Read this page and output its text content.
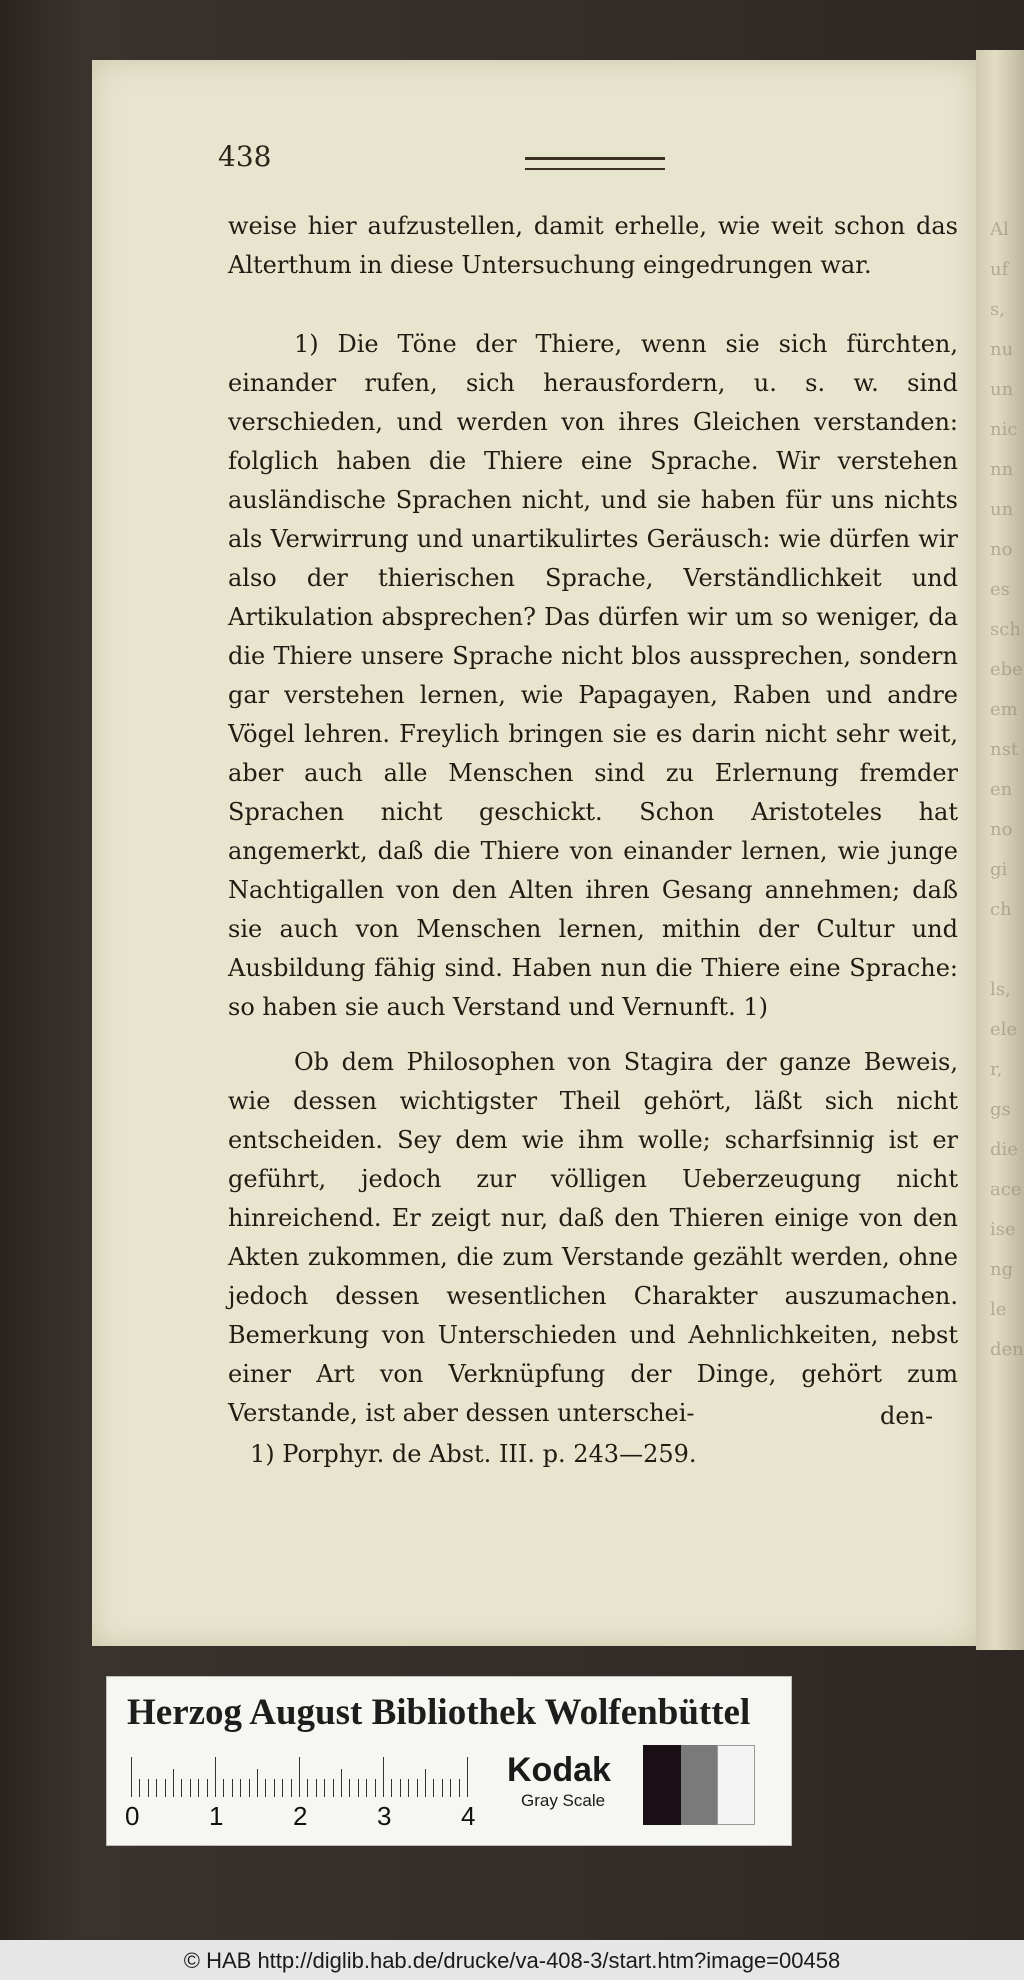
Al
uf
s,
nu
un
nic
nn
un
no
es
sch
ebe
em
nst
en
no
gi
ch

ls,
ele
r,
gs
die
ace
ise
ng
le
den
438

weise hier aufzustellen, damit erhelle, wie weit schon das Alterthum in diese Untersuchung eingedrungen war.

1) Die Töne der Thiere, wenn sie sich fürchten, einander rufen, sich herausfordern, u. s. w. sind verschieden, und werden von ihres Gleichen verstanden: folglich haben die Thiere eine Sprache. Wir verstehen ausländische Sprachen nicht, und sie haben für uns nichts als Verwirrung und unartikulirtes Geräusch: wie dürfen wir also der thierischen Sprache, Verständlichkeit und Artikulation absprechen? Das dürfen wir um so weniger, da die Thiere unsere Sprache nicht blos aussprechen, sondern gar verstehen lernen, wie Papagayen, Raben und andre Vögel lehren. Freylich bringen sie es darin nicht sehr weit, aber auch alle Menschen sind zu Erlernung fremder Sprachen nicht geschickt. Schon Aristoteles hat angemerkt, daß die Thiere von einander lernen, wie junge Nachtigallen von den Alten ihren Gesang annehmen; daß sie auch von Menschen lernen, mithin der Cultur und Ausbildung fähig sind. Haben nun die Thiere eine Sprache: so haben sie auch Verstand und Vernunft. 1)

Ob dem Philosophen von Stagira der ganze Beweis, wie dessen wichtigster Theil gehört, läßt sich nicht entscheiden. Sey dem wie ihm wolle; scharfsinnig ist er geführt, jedoch zur völligen Ueberzeugung nicht hinreichend. Er zeigt nur, daß den Thieren einige von den Akten zukommen, die zum Verstande gezählt werden, ohne jedoch dessen wesentlichen Charakter auszumachen. Bemerkung von Unterschieden und Aehnlichkeiten, nebst einer Art von Verknüpfung der Dinge, gehört zum Verstande, ist aber dessen unterschei-	den-
1) Porphyr. de Abst. III. p. 243—259.
Herzog August Bibliothek Wolfenbüttel
0	1	2	3	4
Kodak
Gray Scale
© HAB http://diglib.hab.de/drucke/va-408-3/start.htm?image=00458
